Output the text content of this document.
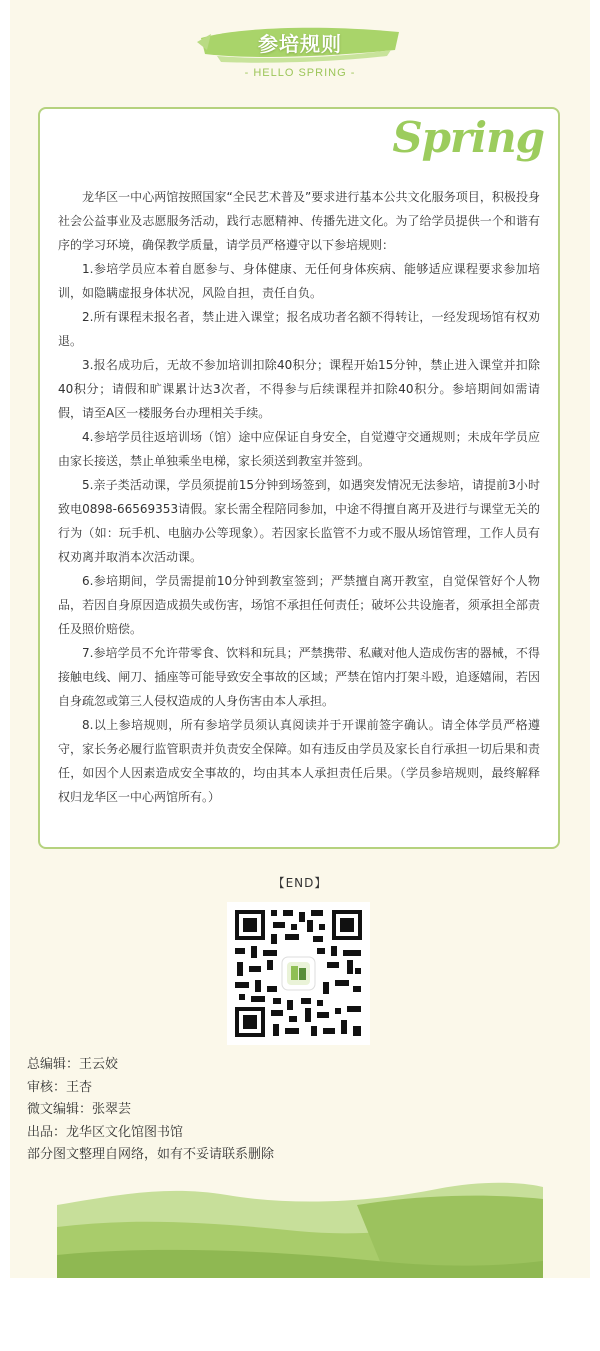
参培规则
- HELLO SPRING -
Spring

龙华区一中心两馆按照国家“全民艺术普及”要求进行基本公共文化服务项目，积极投身社会公益事业及志愿服务活动，践行志愿精神、传播先进文化。为了给学员提供一个和谐有序的学习环境，确保教学质量，请学员严格遵守以下参培规则：

1.参培学员应本着自愿参与、身体健康、无任何身体疾病、能够适应课程要求参加培训，如隐瞒虚报身体状况，风险自担，责任自负。

2.所有课程未报名者，禁止进入课堂；报名成功者名额不得转让，一经发现场馆有权劝退。

3.报名成功后，无故不参加培训扣除40积分；课程开始15分钟，禁止进入课堂并扣除40积分；请假和旷课累计达3次者，不得参与后续课程并扣除40积分。参培期间如需请假，请至A区一楼服务台办理相关手续。

4.参培学员往返培训场（馆）途中应保证自身安全，自觉遵守交通规则；未成年学员应由家长接送，禁止单独乘坐电梯，家长须送到教室并签到。

5.亲子类活动课，学员须提前15分钟到场签到，如遇突发情况无法参培，请提前3小时致电0898-66569353请假。家长需全程陪同参加，中途不得擅自离开及进行与课堂无关的行为（如：玩手机、电脑办公等现象）。若因家长监管不力或不服从场馆管理，工作人员有权劝离并取消本次活动课。

6.参培期间，学员需提前10分钟到教室签到；严禁擅自离开教室，自觉保管好个人物品，若因自身原因造成损失或伤害，场馆不承担任何责任；破坏公共设施者，须承担全部责任及照价赔偿。

7.参培学员不允许带零食、饮料和玩具；严禁携带、私藏对他人造成伤害的器械，不得接触电线、闸刀、插座等可能导致安全事故的区域；严禁在馆内打架斗殴，追逐嬉闹，若因自身疏忽或第三人侵权造成的人身伤害由本人承担。

8.以上参培规则，所有参培学员须认真阅读并于开课前签字确认。请全体学员严格遵守，家长务必履行监管职责并负责安全保障。如有违反由学员及家长自行承担一切后果和责任，如因个人因素造成安全事故的，均由其本人承担责任后果。（学员参培规则，最终解释权归龙华区一中心两馆所有。）

【END】
总编辑：王云姣
审核：王杏
微文编辑：张翠芸
出品：龙华区文化馆图书馆
部分图文整理自网络，如有不妥请联系删除
